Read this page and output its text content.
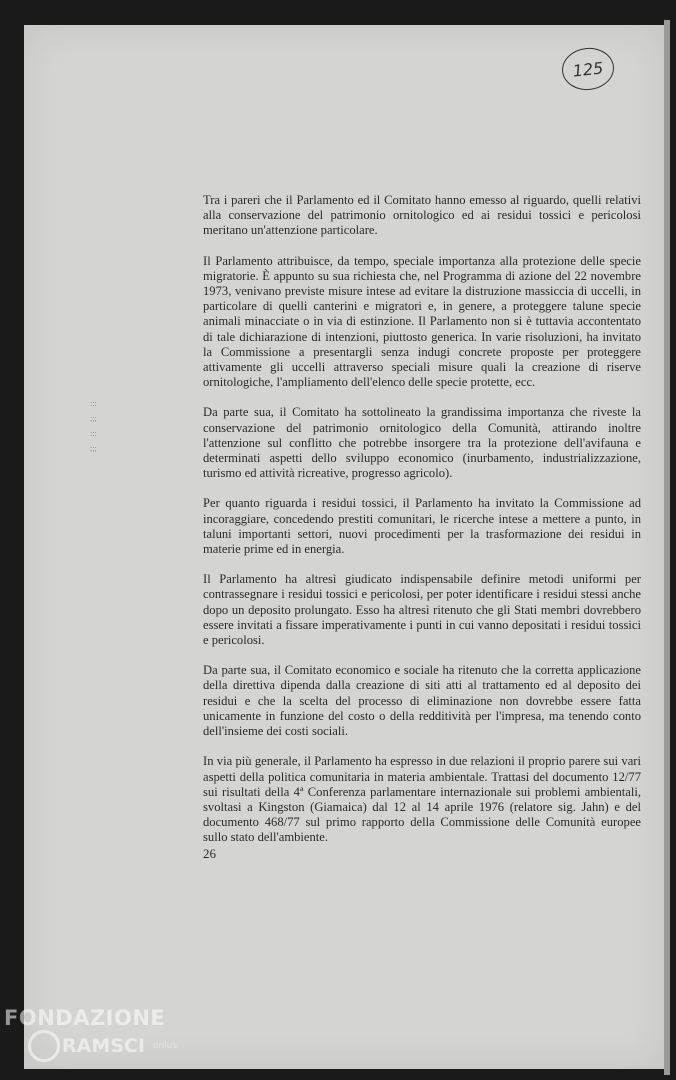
125
:::
;;;
:::
;;;

Tra i pareri che il Parlamento ed il Comitato hanno emesso al riguardo, quelli relativi alla conservazione del patrimonio ornitologico ed ai residui tossici e pericolosi meritano un'attenzione particolare.

Il Parlamento attribuisce, da tempo, speciale importanza alla protezione delle specie migratorie. È appunto su sua richiesta che, nel Programma di azione del 22 novembre 1973, venivano previste misure intese ad evitare la distruzione massiccia di uccelli, in particolare di quelli canterini e migratori e, in genere, a proteggere talune specie animali minacciate o in via di estinzione. Il Parlamento non si è tuttavia accontentato di tale dichiarazione di intenzioni, piuttosto generica. In varie risoluzioni, ha invitato la Commissione a presentargli senza indugi concrete proposte per proteggere attivamente gli uccelli attraverso speciali misure quali la creazione di riserve ornitologiche, l'ampliamento dell'elenco delle specie protette, ecc.

Da parte sua, il Comitato ha sottolineato la grandissima importanza che riveste la conservazione del patrimonio ornitologico della Comunità, attirando inoltre l'attenzione sul conflitto che potrebbe insorgere tra la protezione dell'avifauna e determinati aspetti dello sviluppo economico (inurbamento, industrializzazione, turismo ed attività ricreative, progresso agricolo).

Per quanto riguarda i residui tossici, il Parlamento ha invitato la Commissione ad incoraggiare, concedendo prestiti comunitari, le ricerche intese a mettere a punto, in taluni importanti settori, nuovi procedimenti per la trasformazione dei residui in materie prime ed in energia.

Il Parlamento ha altresì giudicato indispensabile definire metodi uniformi per contrassegnare i residui tossici e pericolosi, per poter identificare i residui stessi anche dopo un deposito prolungato. Esso ha altresì ritenuto che gli Stati membri dovrebbero essere invitati a fissare imperativamente i punti in cui vanno depositati i residui tossici e pericolosi.

Da parte sua, il Comitato economico e sociale ha ritenuto che la corretta applicazione della direttiva dipenda dalla creazione di siti atti al trattamento ed al deposito dei residui e che la scelta del processo di eliminazione non dovrebbe essere fatta unicamente in funzione del costo o della redditività per l'impresa, ma tenendo conto dell'insieme dei costi sociali.

In via più generale, il Parlamento ha espresso in due relazioni il proprio parere sui vari aspetti della politica comunitaria in materia ambientale. Trattasi del documento 12/77 sui risultati della 4ª Conferenza parlamentare internazionale sui problemi ambientali, svoltasi a Kingston (Giamaica) dal 12 al 14 aprile 1976 (relatore sig. Jahn) e del documento 468/77 sul primo rapporto della Commissione delle Comunità europee sullo stato dell'ambiente.

26
FONDAZIONE
RAMSCI onlus
